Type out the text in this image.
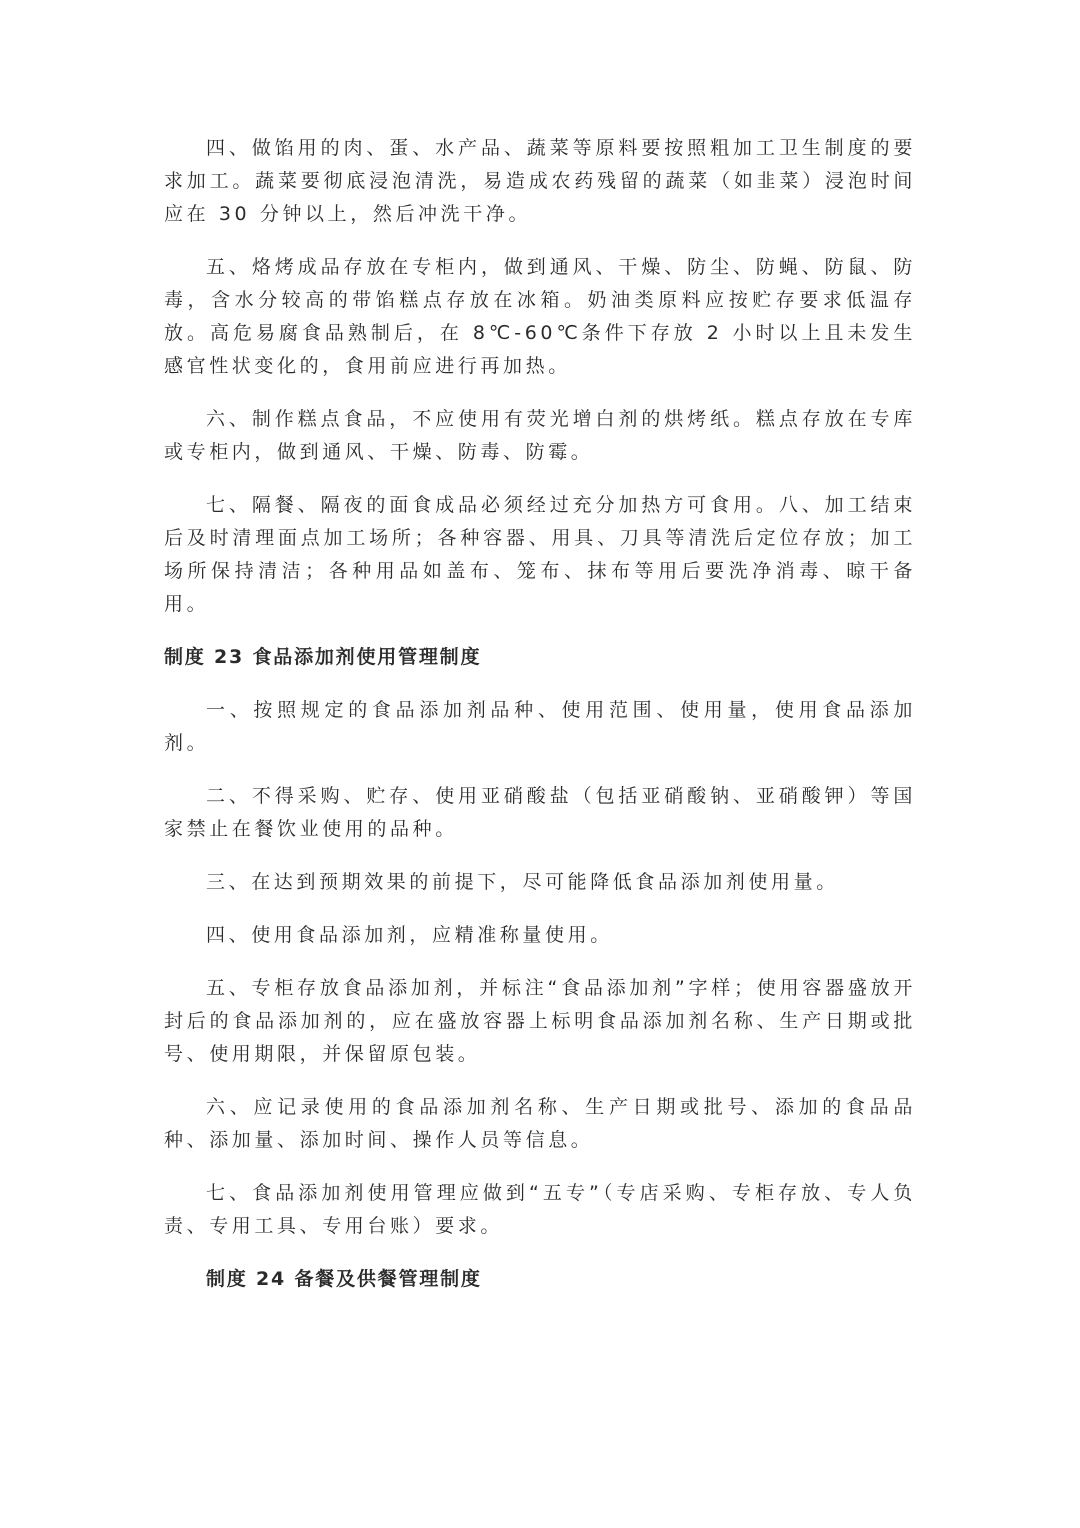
四、做馅用的肉、蛋、水产品、蔬菜等原料要按照粗加工卫生制度的要求加工。蔬菜要彻底浸泡清洗，易造成农药残留的蔬菜（如韭菜）浸泡时间应在 30 分钟以上，然后冲洗干净。

五、烙烤成品存放在专柜内，做到通风、干燥、防尘、防蝇、防鼠、防毒，含水分较高的带馅糕点存放在冰箱。奶油类原料应按贮存要求低温存放。高危易腐食品熟制后，在 8℃-60℃条件下存放 2 小时以上且未发生感官性状变化的，食用前应进行再加热。

六、制作糕点食品，不应使用有荧光增白剂的烘烤纸。糕点存放在专库或专柜内，做到通风、干燥、防毒、防霉。

七、隔餐、隔夜的面食成品必须经过充分加热方可食用。八、加工结束后及时清理面点加工场所；各种容器、用具、刀具等清洗后定位存放；加工场所保持清洁；各种用品如盖布、笼布、抹布等用后要洗净消毒、晾干备用。

制度 23 食品添加剂使用管理制度

一、按照规定的食品添加剂品种、使用范围、使用量，使用食品添加剂。

二、不得采购、贮存、使用亚硝酸盐（包括亚硝酸钠、亚硝酸钾）等国家禁止在餐饮业使用的品种。

三、在达到预期效果的前提下，尽可能降低食品添加剂使用量。

四、使用食品添加剂，应精准称量使用。

五、专柜存放食品添加剂，并标注“食品添加剂”字样；使用容器盛放开封后的食品添加剂的，应在盛放容器上标明食品添加剂名称、生产日期或批号、使用期限，并保留原包装。

六、应记录使用的食品添加剂名称、生产日期或批号、添加的食品品种、添加量、添加时间、操作人员等信息。

七、食品添加剂使用管理应做到“五专”（专店采购、专柜存放、专人负责、专用工具、专用台账）要求。

制度 24 备餐及供餐管理制度
